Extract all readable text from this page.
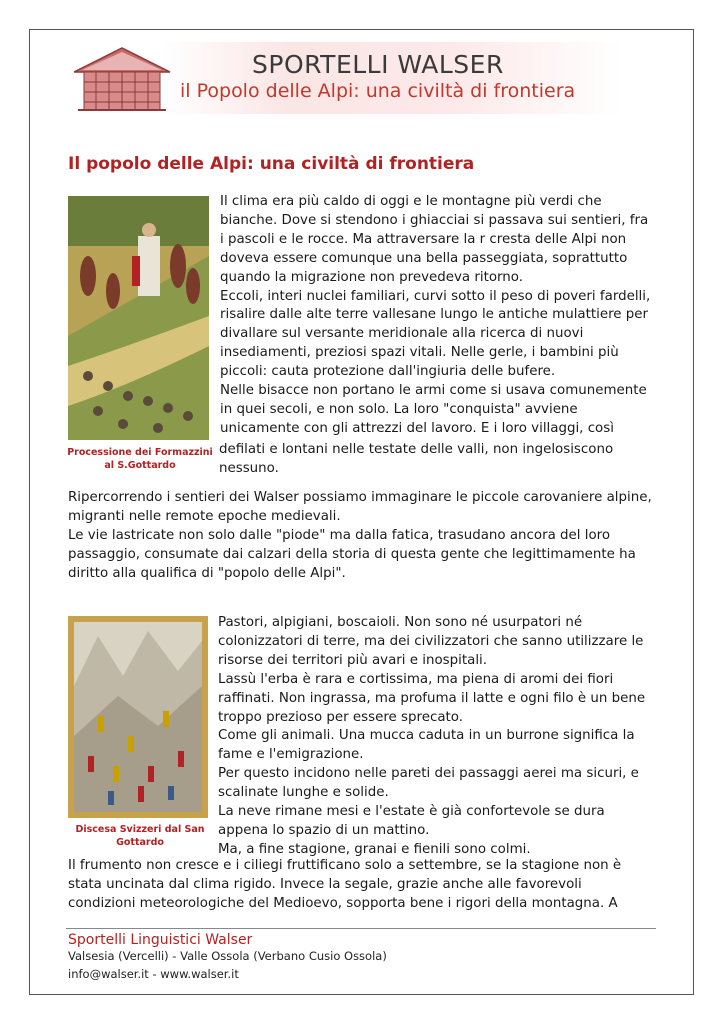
SPORTELLI WALSER
il Popolo delle Alpi: una civiltà di frontiera
Il popolo delle Alpi: una civiltà di frontiera
Processione dei Formazzini al S.Gottardo
Il clima era più caldo di oggi e le montagne più verdi che
bianche. Dove si stendono i ghiacciai si passava sui sentieri, fra
i pascoli e le rocce. Ma attraversare la r cresta delle Alpi non
doveva essere comunque una bella passeggiata, soprattutto
quando la migrazione non prevedeva ritorno.
Eccoli, interi nuclei familiari, curvi sotto il peso di poveri fardelli,
risalire dalle alte terre vallesane lungo le antiche mulattiere per
divallare sul versante meridionale alla ricerca di nuovi
insediamenti, preziosi spazi vitali. Nelle gerle, i bambini più
piccoli: cauta protezione dall'ingiuria delle bufere.
Nelle bisacce non portano le armi come si usava comunemente
in quei secoli, e non solo. La loro "conquista" avviene
unicamente con gli attrezzi del lavoro. E i loro villaggi, così
defilati e lontani nelle testate delle valli, non ingelosiscono
nessuno.
Ripercorrendo i sentieri dei Walser possiamo immaginare le piccole carovaniere alpine,
migranti nelle remote epoche medievali.
Le vie lastricate non solo dalle "piode" ma dalla fatica, trasudano ancora del loro
passaggio, consumate dai calzari della storia di questa gente che legittimamente ha
diritto alla qualifica di "popolo delle Alpi".
Discesa Svizzeri dal San Gottardo
Pastori, alpigiani, boscaioli. Non sono né usurpatori né
colonizzatori di terre, ma dei civilizzatori che sanno utilizzare le
risorse dei territori più avari e inospitali.
Lassù l'erba è rara e cortissima, ma piena di aromi dei fiori
raffinati. Non ingrassa, ma profuma il latte e ogni filo è un bene
troppo prezioso per essere sprecato.
Come gli animali. Una mucca caduta in un burrone significa la
fame e l'emigrazione.
Per questo incidono nelle pareti dei passaggi aerei ma sicuri, e
scalinate lunghe e solide.
La neve rimane mesi e l'estate è già confortevole se dura
appena lo spazio di un mattino.
Ma, a fine stagione, granai e fienili sono colmi.
Il frumento non cresce e i ciliegi fruttificano solo a settembre, se la stagione non è
stata uncinata dal clima rigido. Invece la segale, grazie anche alle favorevoli
condizioni meteorologiche del Medioevo, sopporta bene i rigori della montagna. A
Sportelli Linguistici Walser
Valsesia (Vercelli) - Valle Ossola (Verbano Cusio Ossola)
info@walser.it - www.walser.it
